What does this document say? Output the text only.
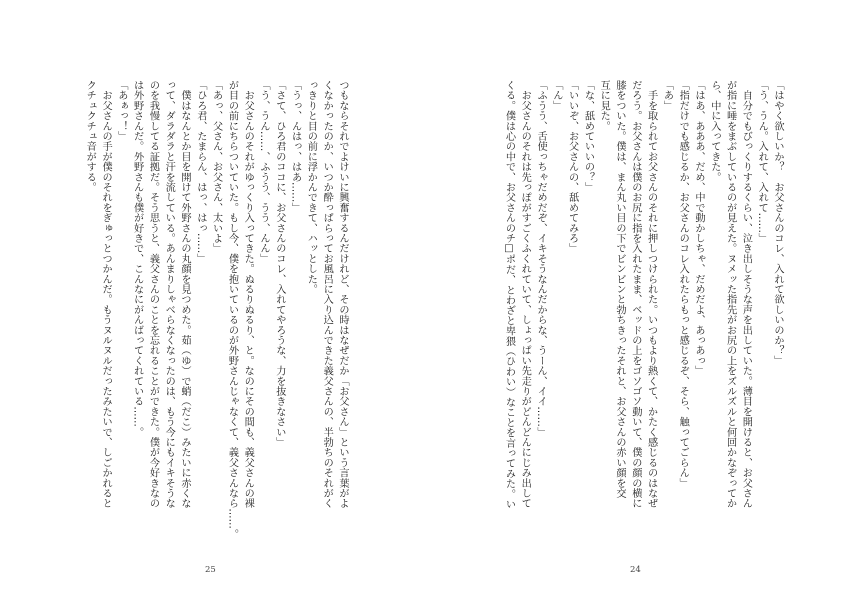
つもならそれでよけいに興奮するんだけれど、その時はなぜだか「お父さん」という言葉がよ
くなかったのか、いつか酔っぱらってお風呂に入り込んできた義父さんの、半勃ちのそれがく
っきりと目の前に浮かんできて、ハッとした。
「うっ、んはっ、はあ……」
「さて、ひろ君のココに、お父さんのコレ、入れてやろうな、力を抜きなさい」
「う、うん……、ふうう、うう、んん」
　お父さんのそれがゆっくり入ってきた。ぬるりぬるり、と。なのにその間も、義父さんの裸
が目の前にちらついていた。もし今、僕を抱いているのが外野さんじゃなくて、義父さんなら……。
「あっ、父さん、お父さん、太いよ」
「ひろ君、たまらん、はっ、はっ……」
　僕はなんとか目を開けて外野さんの丸顔を見つめた。茹（ゆ）で蛸（だこ）みたいに赤くな
って、ダラダラと汗を流している。あんまりしゃべらなくなったのは、もう今にもイキそうな
のを我慢してる証拠だ。そう思うと、義父さんのことを忘れることができた。僕が今好きなの
は外野さんだ。外野さんも僕が好きで、こんなにがんばってくれている……。
「あぁっ！」
　お父さんの手が僕のそれをぎゅっとつかんだ。もうヌルヌルだったみたいで、しごかれると
クチュクチュ音がする。
25
「はやく欲しいか？　お父さんのコレ、入れて欲しいのか？」
「う、うん。入れて、入れて……」
　自分でもびっくりするくらい、泣き出しそうな声を出していた。薄目を開けると、お父さん
が指に唾をまぶしているのが見えた。ヌメッた指先がお尻の上をズルズルと何回かなぞってか
ら、中に入ってきた。
「はあ、あああ、だめ、中で動かしちゃ、だめだよ、あっあっ」
「指だけでも感じるか、お父さんのコレ入れたらもっと感じるぞ、そら、触ってごらん」
「あ」
　手を取られてお父さんのそれに押しつけられた。いつもより熱くて、かたく感じるのはなぜ
だろう。お父さんは僕のお尻に指を入れたまま、ベッドの上をゴソゴソ動いて、僕の顔の横に
膝をついた。僕は、まん丸い目の下でビンビンと勃ちきったそれと、お父さんの赤い顔を交
互に見た。
「な、舐めていいの？」
「いいぞ、お父さんの、舐めてみろ」
「ん」
「ふうう、舌使っちゃだめだぞ、イキそうなんだからな、うーん、イイ……」
　お父さんのそれは先っぽがすごくふくれていて、しょっぱい先走りがどんどんにじみ出して
くる。僕は心の中で、お父さんのチ□ポだ、とわざと卑猥（ひわい）なことを言ってみた。い
24
